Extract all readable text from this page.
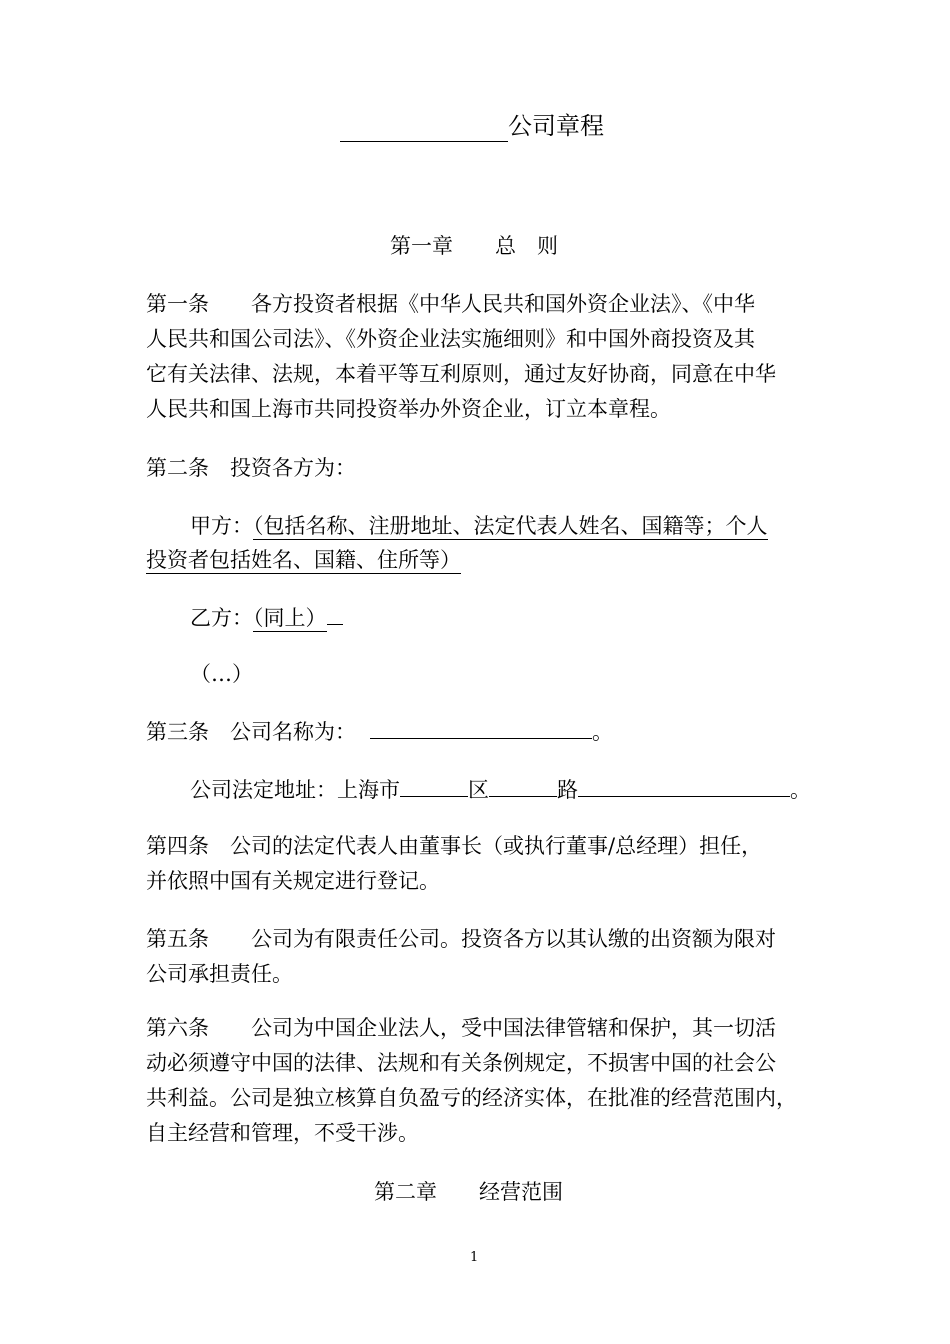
公司章程
第一章　　总　则
第一条　　各方投资者根据《中华人民共和国外资企业法》、《中华
人民共和国公司法》、《外资企业法实施细则》和中国外商投资及其
它有关法律、法规，本着平等互利原则，通过友好协商，同意在中华
人民共和国上海市共同投资举办外资企业，订立本章程。
第二条　投资各方为：
甲方：（包括名称、注册地址、法定代表人姓名、国籍等；个人
投资者包括姓名、国籍、住所等）
乙方：（同上）
（…）
第三条　公司名称为：	。
公司法定地址：上海市	区	路	。
第四条　公司的法定代表人由董事长（或执行董事/总经理）担任，
并依照中国有关规定进行登记。
第五条　　公司为有限责任公司。投资各方以其认缴的出资额为限对
公司承担责任。
第六条　　公司为中国企业法人，受中国法律管辖和保护，其一切活
动必须遵守中国的法律、法规和有关条例规定，不损害中国的社会公
共利益。公司是独立核算自负盈亏的经济实体，在批准的经营范围内，
自主经营和管理，不受干涉。
第二章　　经营范围
1
